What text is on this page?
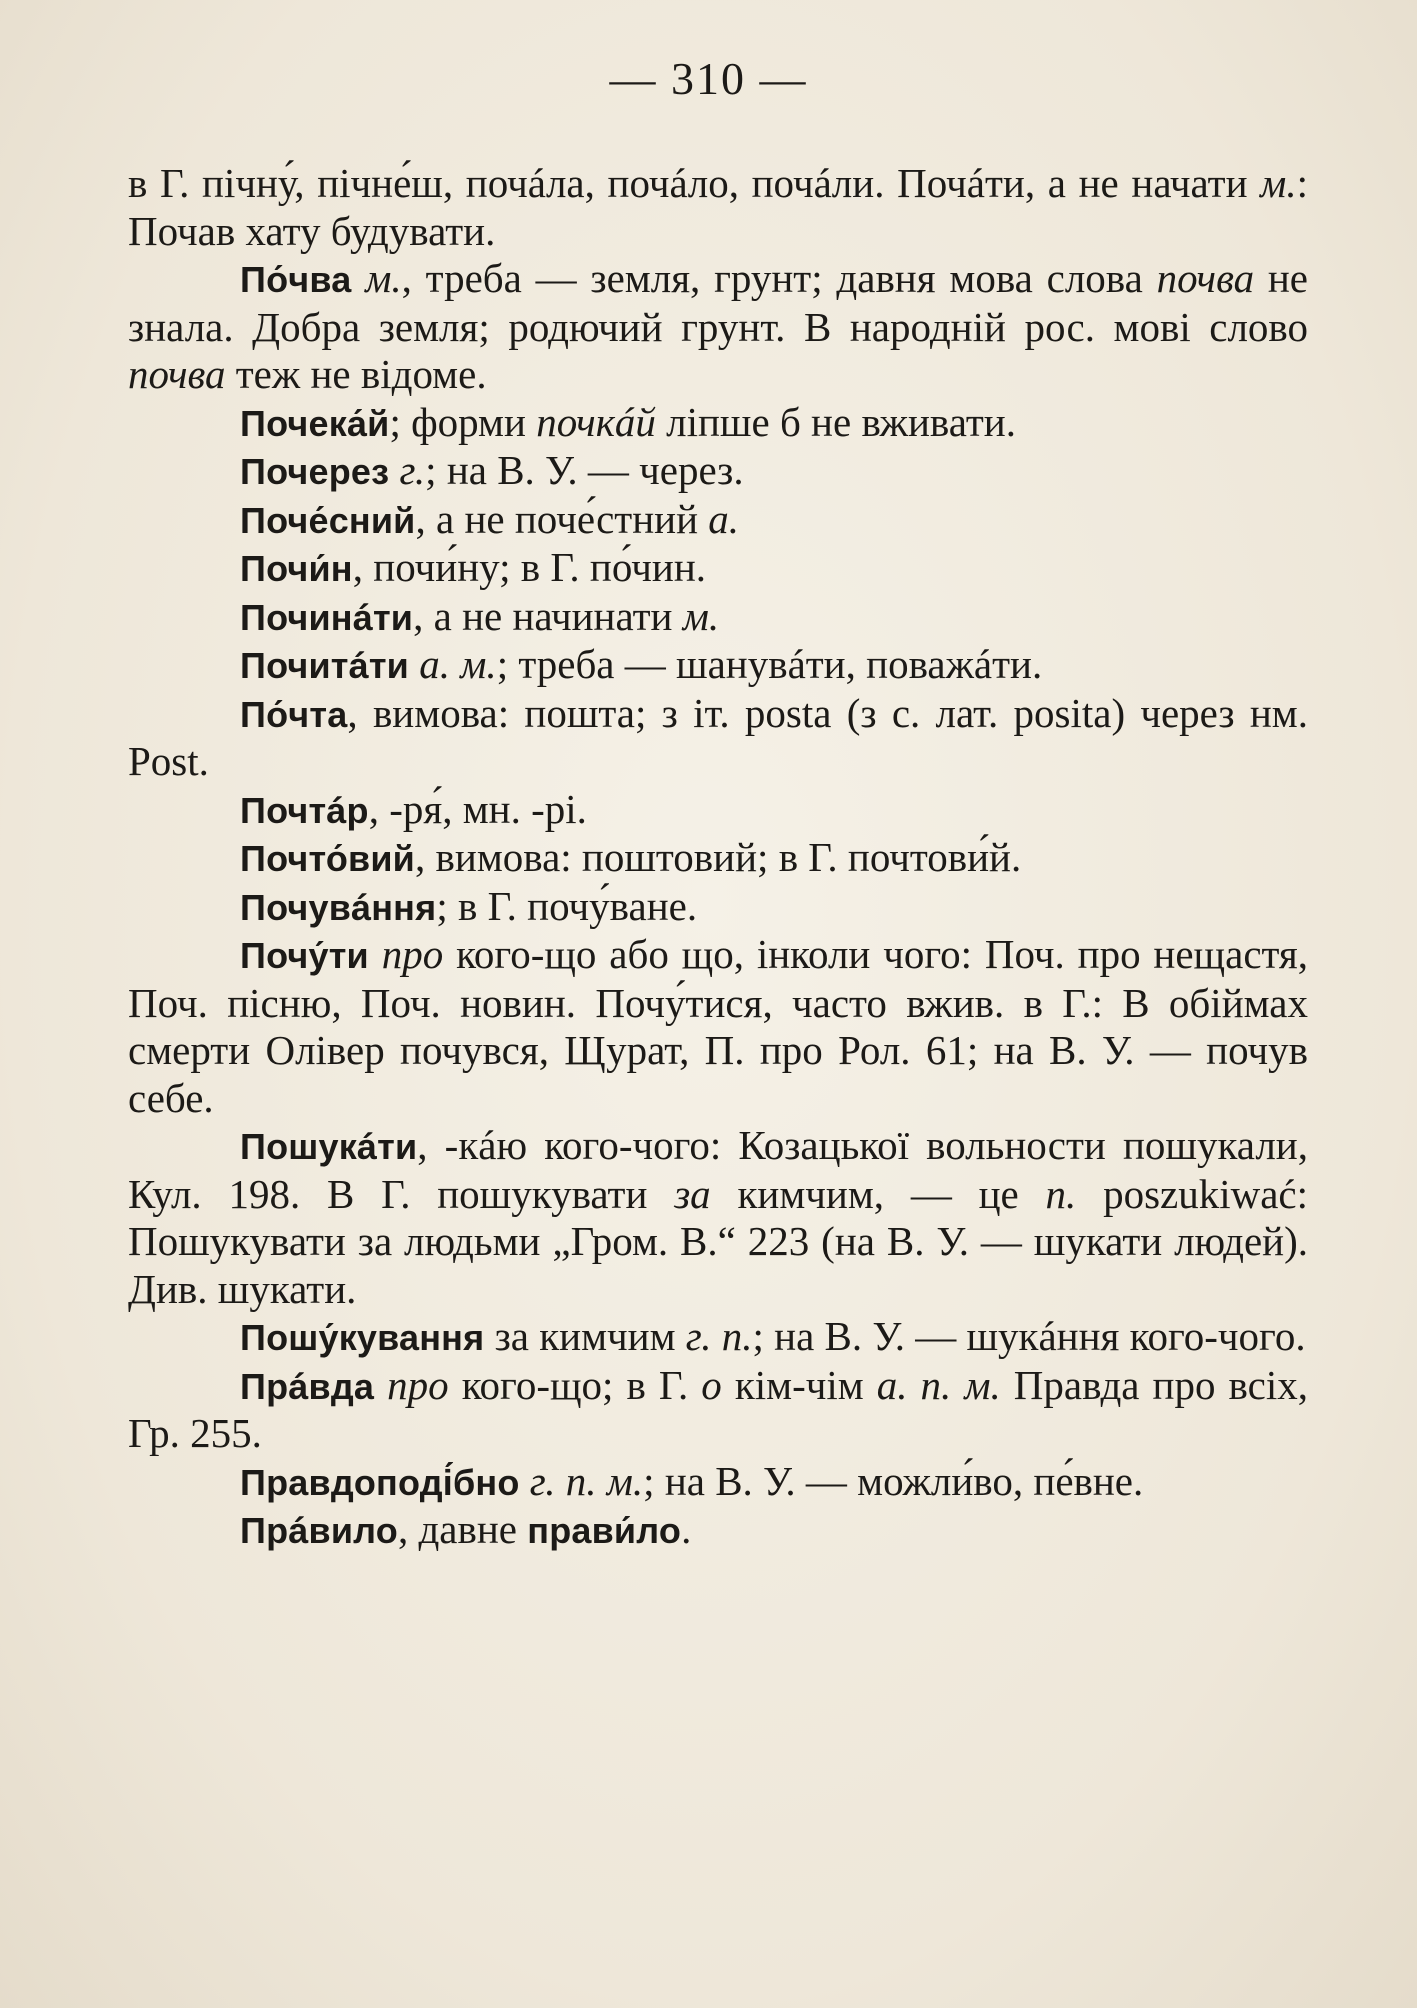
— 310 —

в Г. пічну́, пічне́ш, почáла, почáло, почáли. Почáти, а не начати м.: Почав хату будувати.

По́чва м., треба — земля, грунт; давня мова слова почва не знала. Добра земля; родючий грунт. В народній рос. мові слово почва теж не відоме.

Почека́й; форми почкáй ліпше б не вживати.

Почерез г.; на В. У. — через.

Поче́сний, а не поче́стний а.

Почи́н, почи́ну; в Г. по́чин.

Починáти, а не начинати м.

Почитáти а. м.; треба — шанувáти, поважáти.

По́чта, вимова: пошта; з іт. posta (з с. лат. posita) через нм. Post.

Почтáр, -ря́, мн. -рі.

Почто́вий, вимова: поштовий; в Г. почтови́й.

Почувáння; в Г. почу́ване.

Почу́ти про кого-що або що, інколи чого: Поч. про нещастя, Поч. пісню, Поч. новин. Почу́тися, часто вжив. в Г.: В обіймах смерти Олівер почувся, Щурат, П. про Рол. 61; на В. У. — почув себе.

Пошукáти, -кáю кого-чого: Козацької вольности пошукали, Кул. 198. В Г. пошукувати за кимчим, — це п. poszukiwać: Пошукувати за людьми „Гром. В.“ 223 (на В. У. — шукати людей). Див. шукати.

Пошу́кування за кимчим г. п.; на В. У. — шукáння кого-чого.

Прáвда про кого-що; в Г. о кім-чім а. п. м. Правда про всіх, Гр. 255.

Правдоподі́бно г. п. м.; на В. У. — можли́во, пе́вне.

Прáвило, давне прави́ло.
